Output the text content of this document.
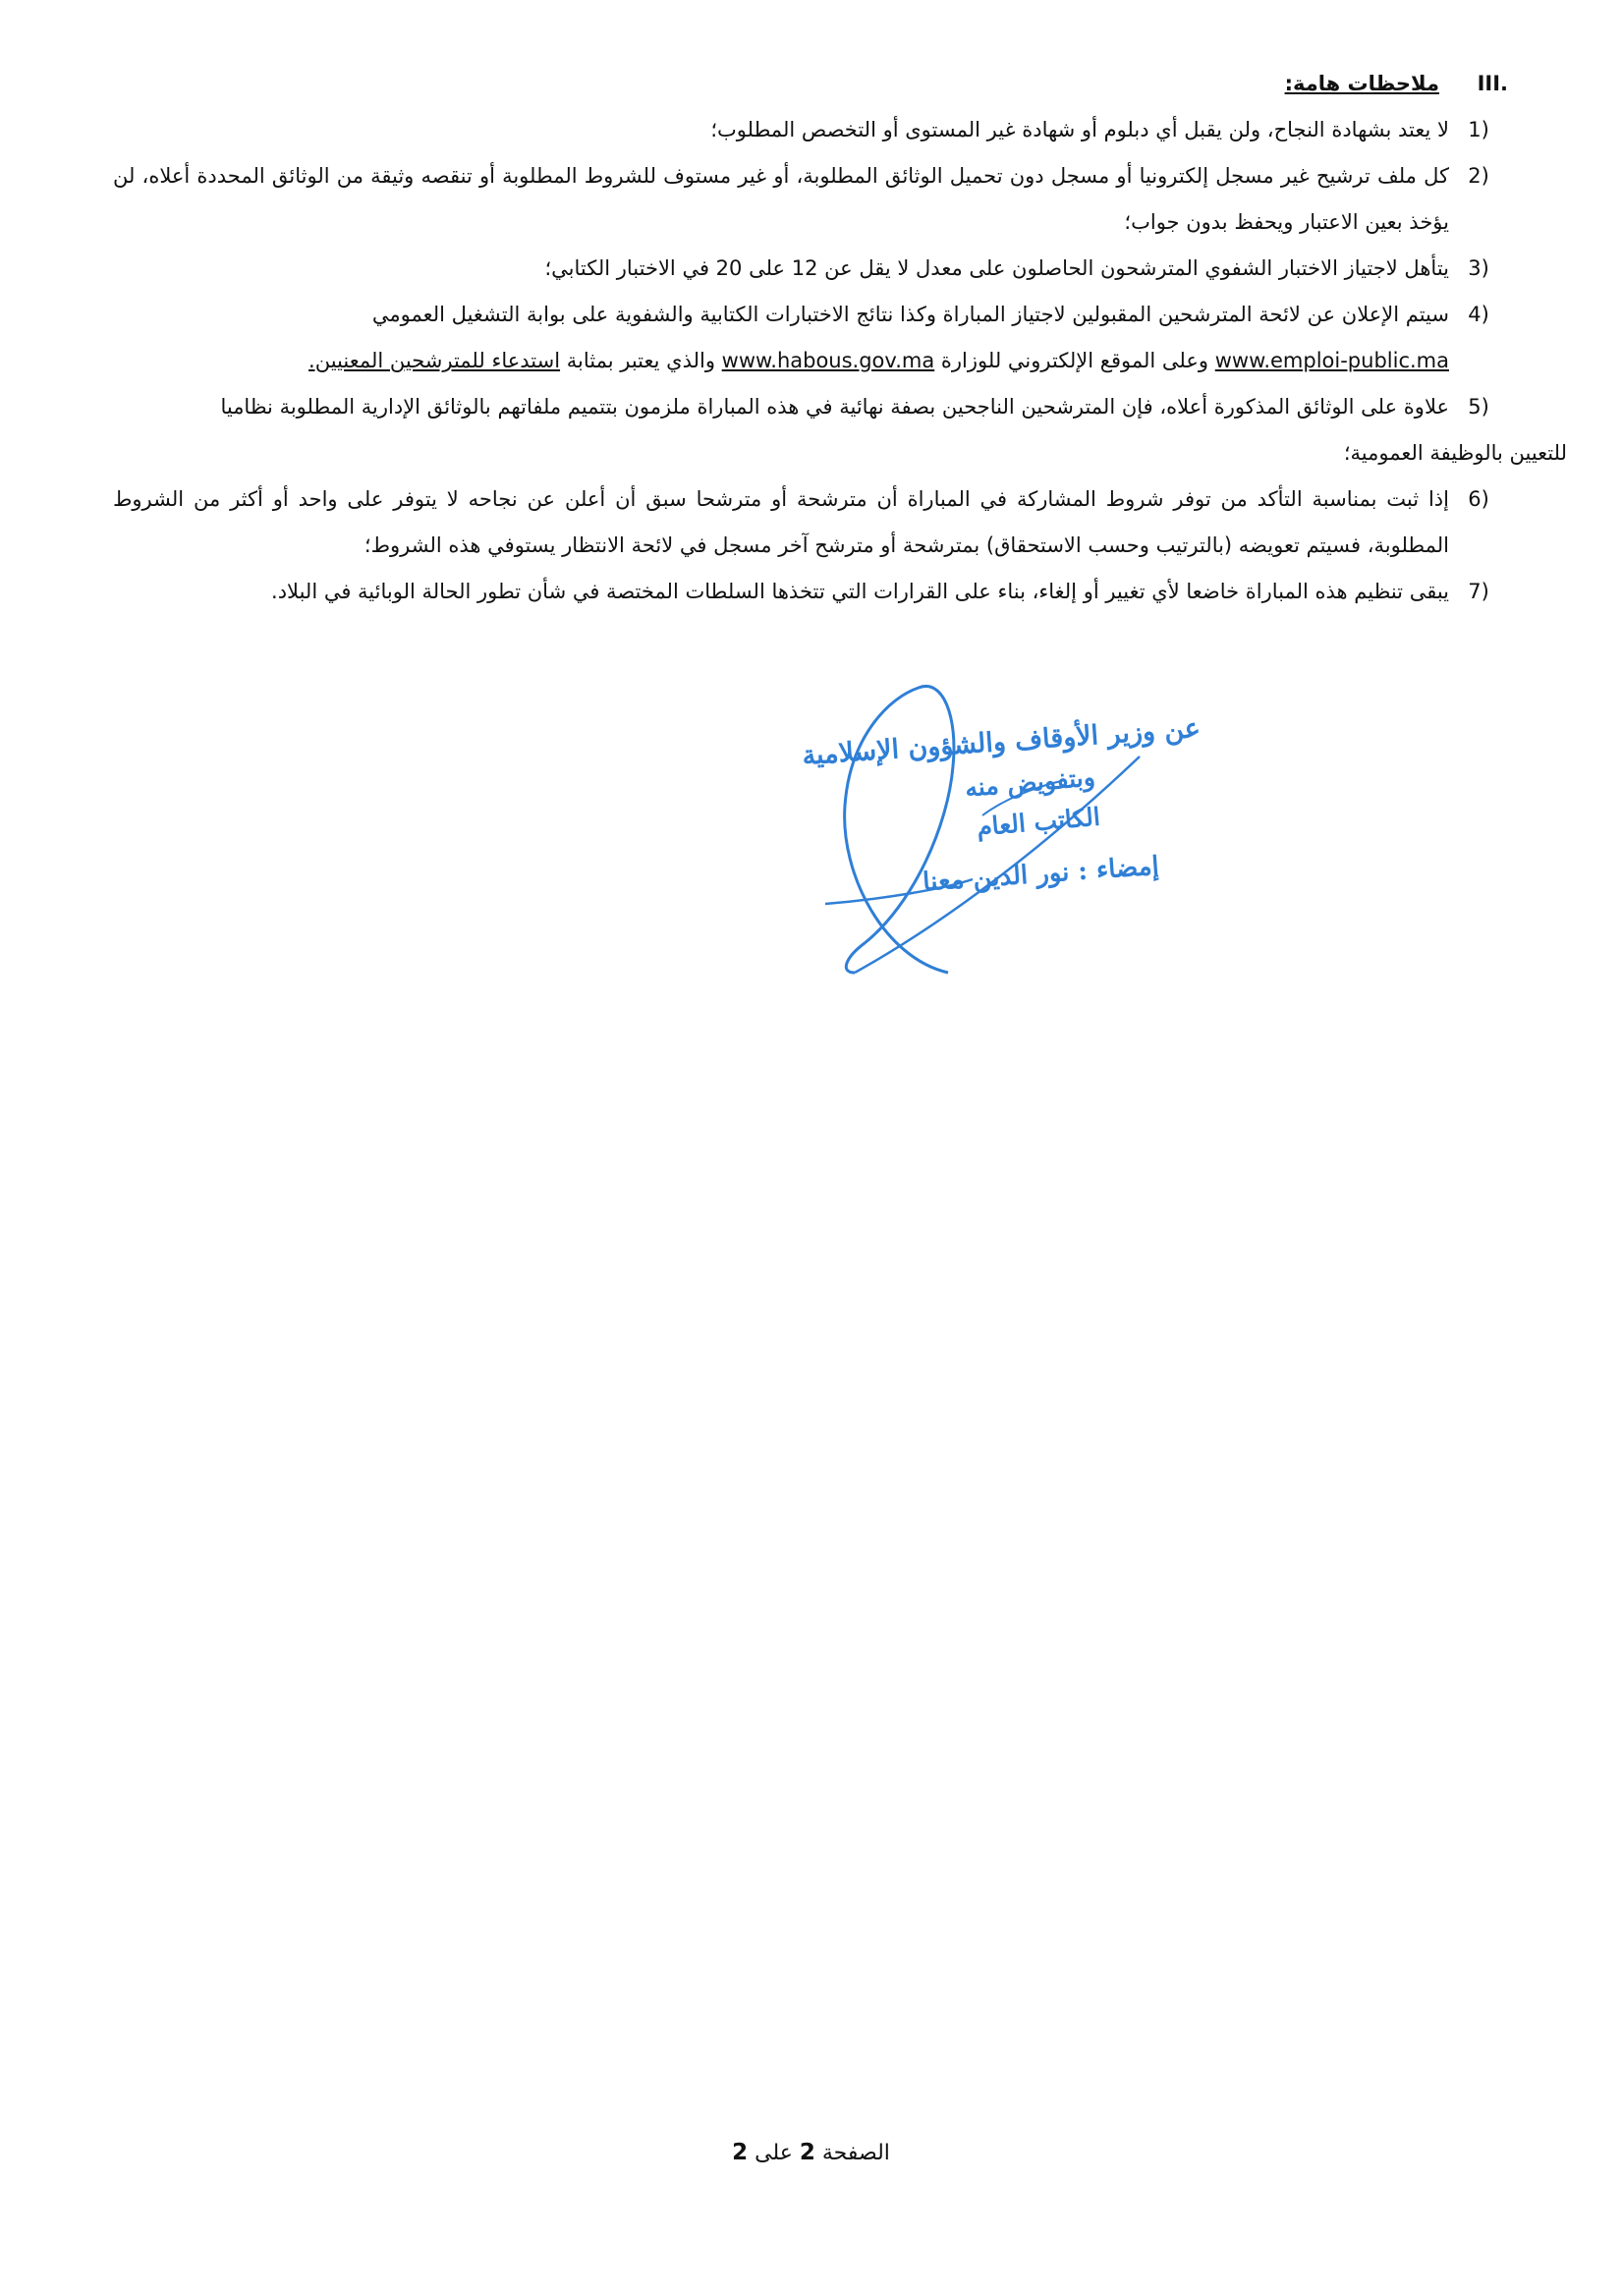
III.
ملاحظات هامة:
1)
لا يعتد بشهادة النجاح، ولن يقبل أي دبلوم أو شهادة غير المستوى أو التخصص المطلوب؛
2)
كل ملف ترشيح غير مسجل إلكترونيا أو مسجل دون تحميل الوثائق المطلوبة، أو غير مستوف للشروط المطلوبة أو تنقصه وثيقة من الوثائق المحددة أعلاه، لن يؤخذ بعين الاعتبار ويحفظ بدون جواب؛
3)
يتأهل لاجتياز الاختبار الشفوي المترشحون الحاصلون على معدل لا يقل عن 12 على 20 في الاختبار الكتابي؛
4)
سيتم الإعلان عن لائحة المترشحين المقبولين لاجتياز المباراة وكذا نتائج الاختبارات الكتابية والشفوية على بوابة التشغيل العمومي
www.emploi-public.ma وعلى الموقع الإلكتروني للوزارة www.habous.gov.ma والذي يعتبر بمثابة استدعاء للمترشحين المعنيين.
5)
علاوة على الوثائق المذكورة أعلاه، فإن المترشحين الناجحين بصفة نهائية في هذه المباراة ملزمون بتتميم ملفاتهم بالوثائق الإدارية المطلوبة نظاميا
للتعيين بالوظيفة العمومية؛
6)
إذا ثبت بمناسبة التأكد من توفر شروط المشاركة في المباراة أن مترشحة أو مترشحا سبق أن أعلن عن نجاحه لا يتوفر على واحد أو أكثر من الشروط المطلوبة، فسيتم تعويضه (بالترتيب وحسب الاستحقاق) بمترشحة أو مترشح آخر مسجل في لائحة الانتظار يستوفي هذه الشروط؛
7)
يبقى تنظيم هذه المباراة خاضعا لأي تغيير أو إلغاء، بناء على القرارات التي تتخذها السلطات المختصة في شأن تطور الحالة الوبائية في البلاد.
عن وزير الأوقاف والشؤون الإسلامية
وبتفويض منه
الكاتب العام
إمضاء : نور الدين معنا
الصفحة 2 على 2
